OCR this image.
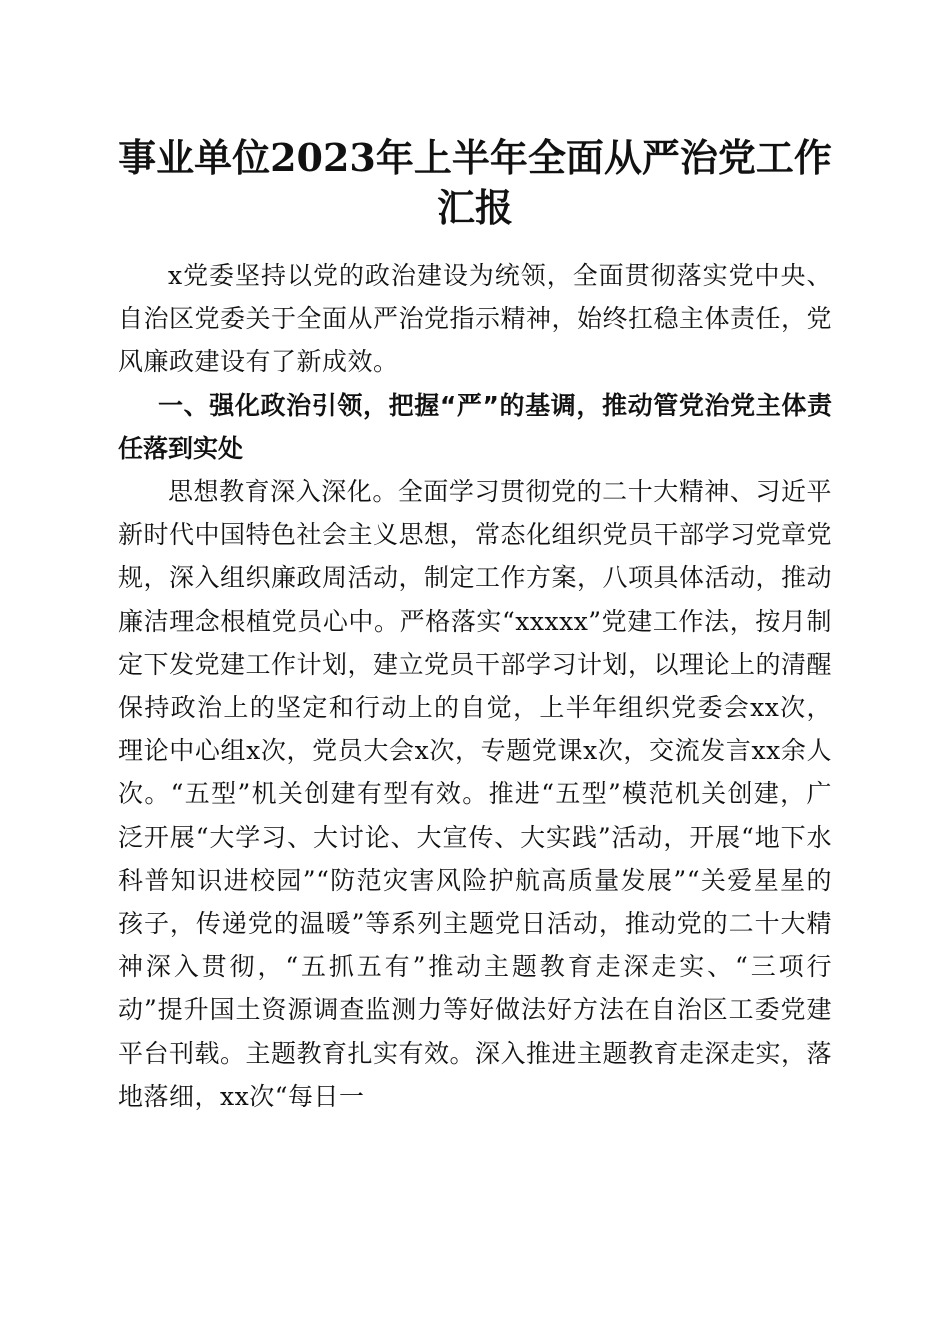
事业单位2023年上半年全面从严治党工作汇报

x党委坚持以党的政治建设为统领，全面贯彻落实党中央、自治区党委关于全面从严治党指示精神，始终扛稳主体责任，党风廉政建设有了新成效。

一、强化政治引领，把握“严”的基调，推动管党治党主体责任落到实处

思想教育深入深化。全面学习贯彻党的二十大精神、习近平新时代中国特色社会主义思想，常态化组织党员干部学习党章党规，深入组织廉政周活动，制定工作方案，八项具体活动，推动廉洁理念根植党员心中。严格落实“xxxxx”党建工作法，按月制定下发党建工作计划，建立党员干部学习计划，以理论上的清醒保持政治上的坚定和行动上的自觉，上半年组织党委会xx次，理论中心组x次，党员大会x次，专题党课x次，交流发言xx余人次。“五型”机关创建有型有效。推进“五型”模范机关创建，广泛开展“大学习、大讨论、大宣传、大实践”活动，开展“地下水科普知识进校园”“防范灾害风险护航高质量发展”“关爱星星的孩子，传递党的温暖”等系列主题党日活动，推动党的二十大精神深入贯彻，“五抓五有”推动主题教育走深走实、“三项行动”提升国土资源调查监测力等好做法好方法在自治区工委党建平台刊载。主题教育扎实有效。深入推进主题教育走深走实，落地落细，xx次“每日一
